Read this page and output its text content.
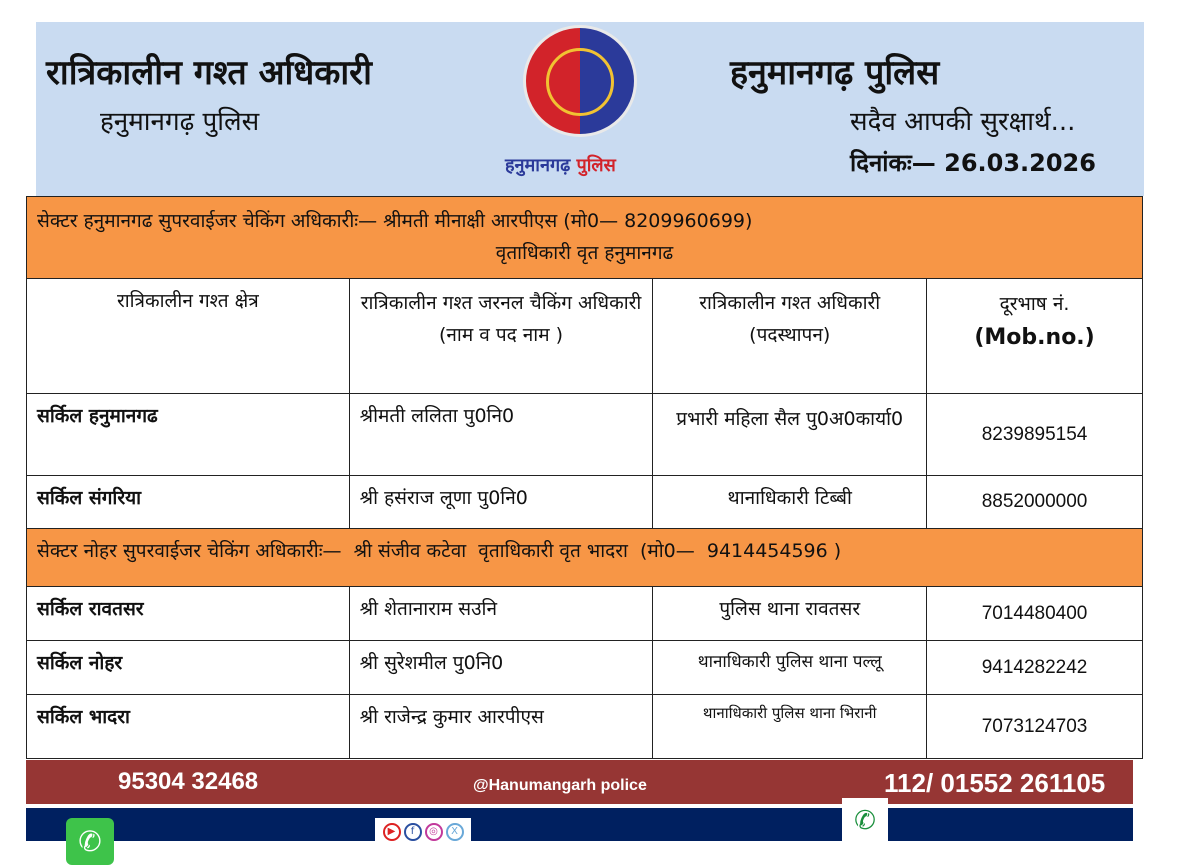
रात्रिकालीन गश्त अधिकारी
हनुमानगढ़ पुलिस
हनुमानगढ़ पुलिस
हनुमानगढ़ पुलिस
सदैव आपकी सुरक्षार्थ...
दिनांकः— 26.03.2026
सेक्टर हनुमानगढ सुपरवाईजर चेकिंग अधिकारीः— श्रीमती मीनाक्षी आरपीएस (मो0— 8209960699)
वृताधिकारी वृत हनुमानगढ			

रात्रिकालीन गश्त क्षेत्र	रात्रिकालीन गश्त जरनल चैकिंग अधिकारी (नाम व पद नाम )	रात्रिकालीन गश्त अधिकारी (पदस्थापन)	दूरभाष नं.
(Mob.no.)

सर्किल हनुमानगढ	श्रीमती ललिता पु0नि0	प्रभारी महिला सैल पु0अ0कार्या0	8239895154
सर्किल संगरिया	श्री हसंराज लूणा पु0नि0	थानाधिकारी टिब्बी	8852000000
सेक्टर नोहर सुपरवाईजर चेकिंग अधिकारीः—  श्री संजीव कटेवा  वृताधिकारी वृत भादरा  (मो0—  9414454596 )			
सर्किल रावतसर	श्री शेतानाराम सउनि	पुलिस थाना रावतसर	7014480400
सर्किल नोहर	श्री सुरेशमील पु0नि0	थानाधिकारी पुलिस थाना पल्लू	9414282242
सर्किल भादरा	श्री राजेन्द्र कुमार आरपीएस	थानाधिकारी पुलिस थाना भिरानी	7073124703
95304 32468	@Hanumangarh police	112/ 01552 261105
✆	▶	f	◎	X	✆
